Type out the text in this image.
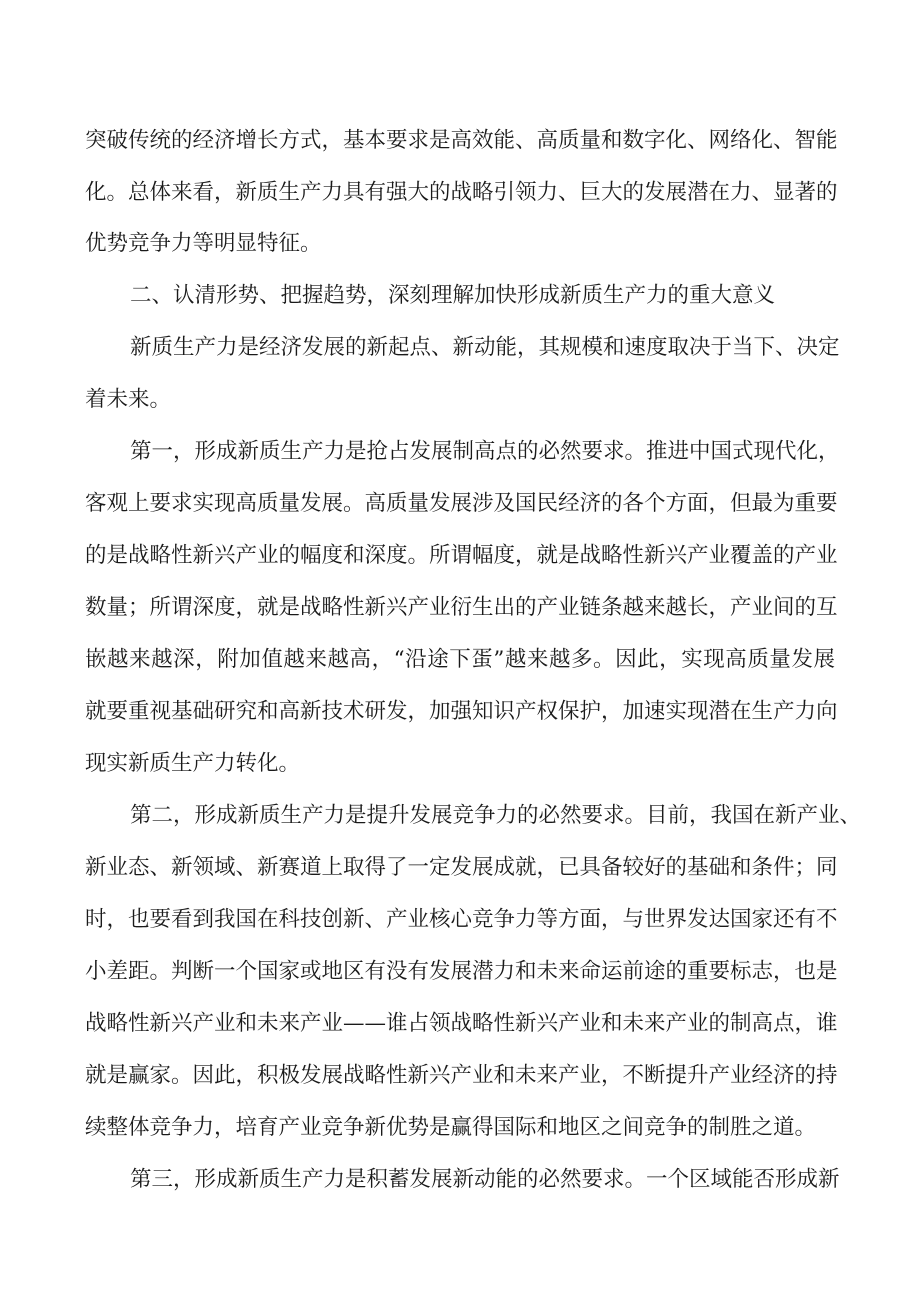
突破传统的经济增长方式，基本要求是高效能、高质量和数字化、网络化、智能
化。总体来看，新质生产力具有强大的战略引领力、巨大的发展潜在力、显著的
优势竞争力等明显特征。
二、认清形势、把握趋势，深刻理解加快形成新质生产力的重大意义
新质生产力是经济发展的新起点、新动能，其规模和速度取决于当下、决定
着未来。
第一，形成新质生产力是抢占发展制高点的必然要求。推进中国式现代化，
客观上要求实现高质量发展。高质量发展涉及国民经济的各个方面，但最为重要
的是战略性新兴产业的幅度和深度。所谓幅度，就是战略性新兴产业覆盖的产业
数量；所谓深度，就是战略性新兴产业衍生出的产业链条越来越长，产业间的互
嵌越来越深，附加值越来越高，“沿途下蛋”越来越多。因此，实现高质量发展
就要重视基础研究和高新技术研发，加强知识产权保护，加速实现潜在生产力向
现实新质生产力转化。
第二，形成新质生产力是提升发展竞争力的必然要求。目前，我国在新产业、
新业态、新领域、新赛道上取得了一定发展成就，已具备较好的基础和条件；同
时，也要看到我国在科技创新、产业核心竞争力等方面，与世界发达国家还有不
小差距。判断一个国家或地区有没有发展潜力和未来命运前途的重要标志，也是
战略性新兴产业和未来产业——谁占领战略性新兴产业和未来产业的制高点，谁
就是赢家。因此，积极发展战略性新兴产业和未来产业，不断提升产业经济的持
续整体竞争力，培育产业竞争新优势是赢得国际和地区之间竞争的制胜之道。
第三，形成新质生产力是积蓄发展新动能的必然要求。一个区域能否形成新
